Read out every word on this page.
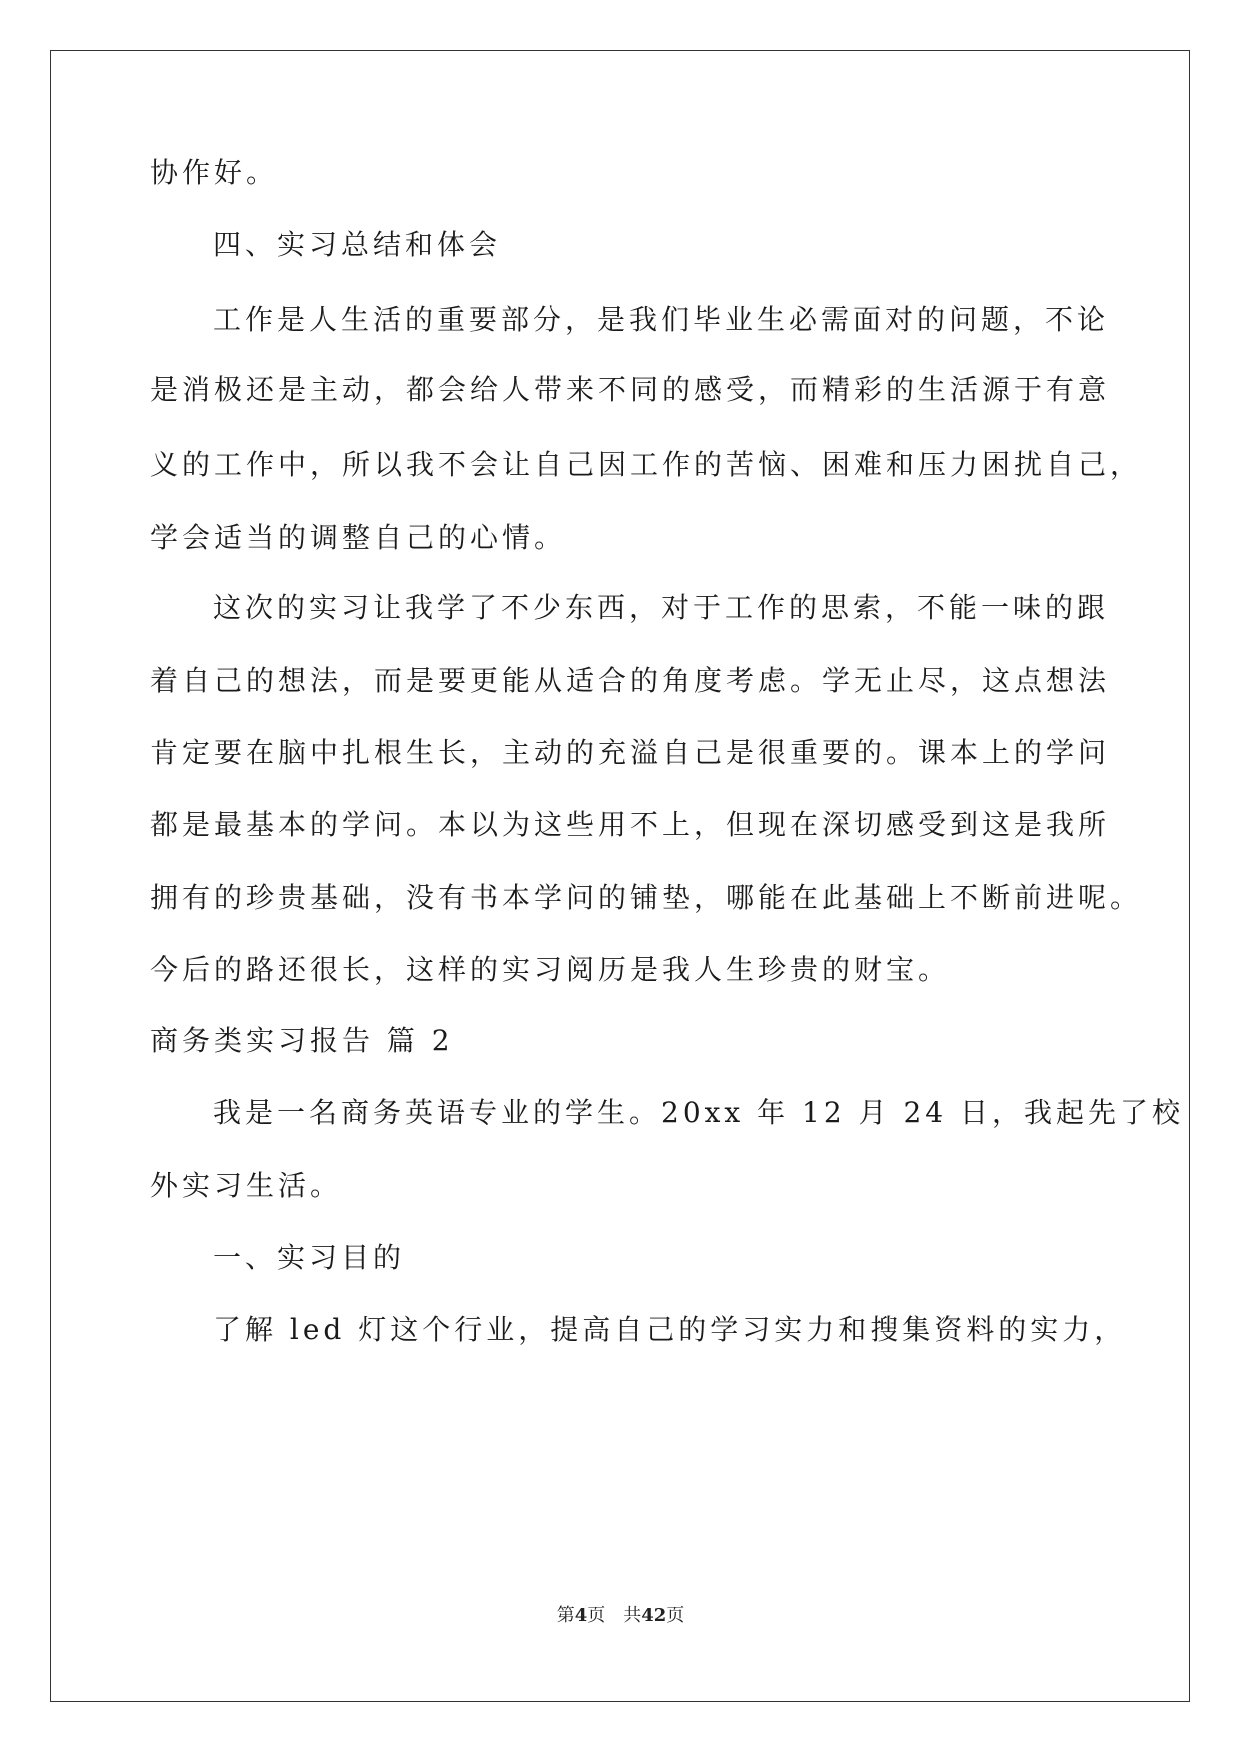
协作好。
四、实习总结和体会
工作是人生活的重要部分，是我们毕业生必需面对的问题，不论
是消极还是主动，都会给人带来不同的感受，而精彩的生活源于有意
义的工作中，所以我不会让自己因工作的苦恼、困难和压力困扰自己，
学会适当的调整自己的心情。
这次的实习让我学了不少东西，对于工作的思索，不能一味的跟
着自己的想法，而是要更能从适合的角度考虑。学无止尽，这点想法
肯定要在脑中扎根生长，主动的充溢自己是很重要的。课本上的学问
都是最基本的学问。本以为这些用不上，但现在深切感受到这是我所
拥有的珍贵基础，没有书本学问的铺垫，哪能在此基础上不断前进呢。
今后的路还很长，这样的实习阅历是我人生珍贵的财宝。
商务类实习报告 篇 2
我是一名商务英语专业的学生。20xx 年 12 月 24 日，我起先了校
外实习生活。
一、实习目的
了解 led 灯这个行业，提高自己的学习实力和搜集资料的实力，
第4页 共42页
